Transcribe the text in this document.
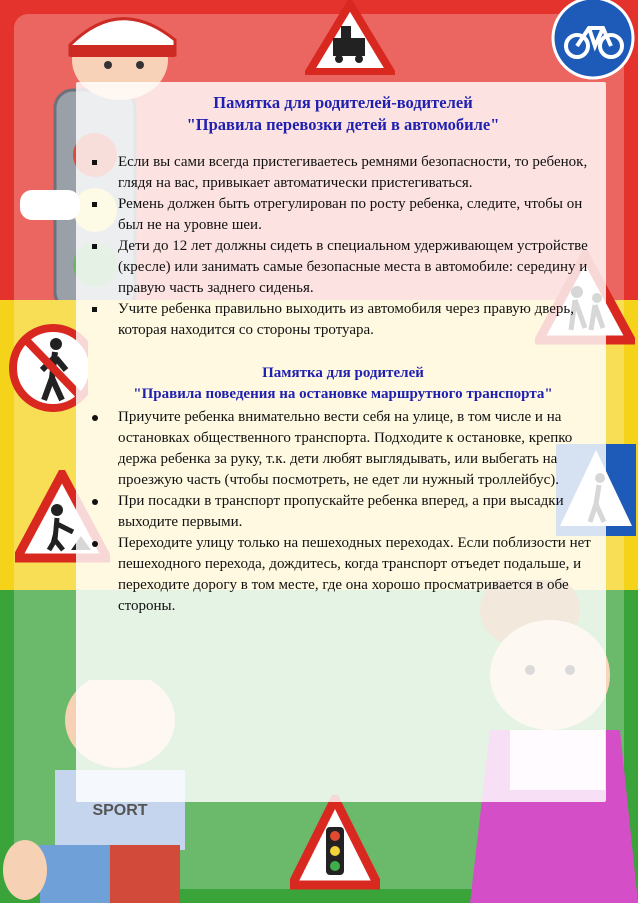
SPORT

Памятка для родителей-водителей

"Правила перевозки детей в автомобиле"

Если вы сами всегда пристегиваетесь ремнями безопасности, то ребенок, глядя на вас, привыкает автоматически пристегиваться.
Ремень должен быть отрегулирован по росту ребенка, следите, чтобы он был не на уровне шеи.
Дети до 12 лет должны сидеть в специальном удерживающем устройстве (кресле) или занимать самые безопасные места в автомобиле: середину и правую часть заднего сиденья.
Учите ребенка правильно выходить из автомобиля через правую дверь, которая находится со стороны тротуара.

Памятка для родителей

"Правила поведения на остановке маршрутного транспорта"

Приучите ребенка внимательно вести себя на улице, в том числе и на остановках общественного транспорта. Подходите к остановке, крепко держа ребенка за руку, т.к. дети любят выглядывать, или выбегать на проезжую часть (чтобы посмотреть, не едет ли нужный троллейбус).
При посадки в транспорт пропускайте ребенка вперед, а при высадки выходите первыми.
Переходите улицу только на пешеходных переходах. Если поблизости нет пешеходного перехода, дождитесь, когда транспорт отъедет подальше, и переходите дорогу в том месте, где она хорошо просматривается в обе стороны.
